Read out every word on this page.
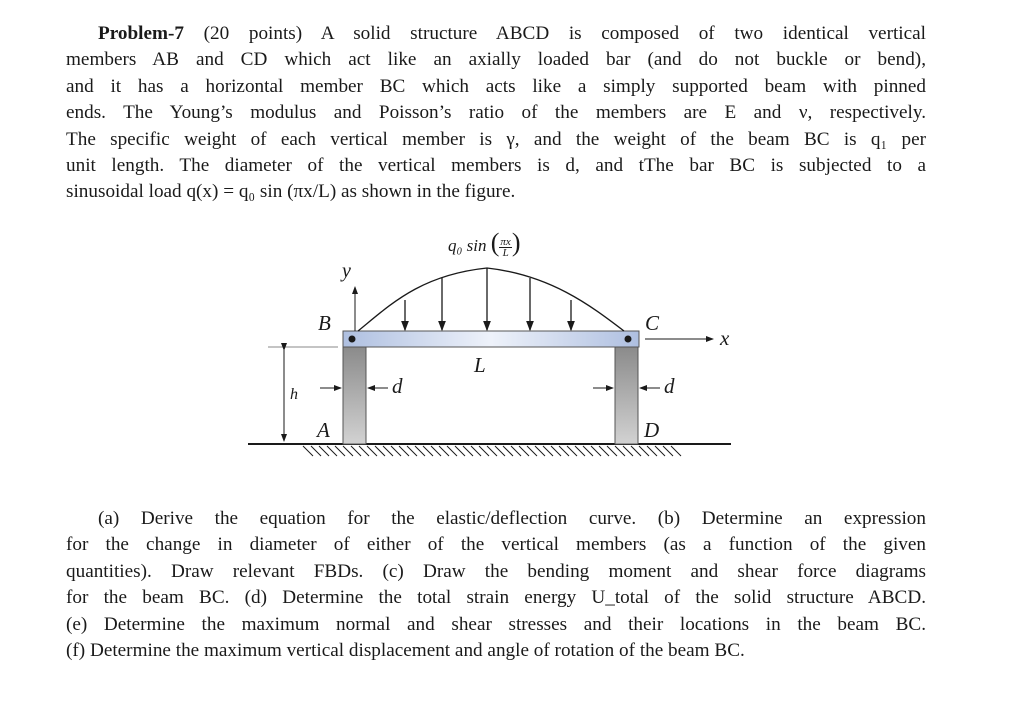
Problem-7 (20 points) A solid structure ABCD is composed of two identical vertical
members AB and CD which act like an axially loaded bar (and do not buckle or bend),
and it has a horizontal member BC which acts like a simply supported beam with pinned
ends. The Young’s modulus and Poisson’s ratio of the members are E and ν, respectively.
The specific weight of each vertical member is γ, and the weight of the beam BC is q₁ per
unit length. The diameter of the vertical members is d, and tThe bar BC is subjected to a
sinusoidal load q(x) = q₀ sin (πx/L) as shown in the figure.
q₀ sin ( $\frac{\pi x}{L}$ )
y
B	C
x
L
h	d	d
A	D
(a) Derive the equation for the elastic/deflection curve. (b) Determine an expression
for the change in diameter of either of the vertical members (as a function of the given
quantities). Draw relevant FBDs. (c) Draw the bending moment and shear force diagrams
for the beam BC. (d) Determine the total strain energy U_total of the solid structure ABCD.
(e) Determine the maximum normal and shear stresses and their locations in the beam BC.
(f) Determine the maximum vertical displacement and angle of rotation of the beam BC.
